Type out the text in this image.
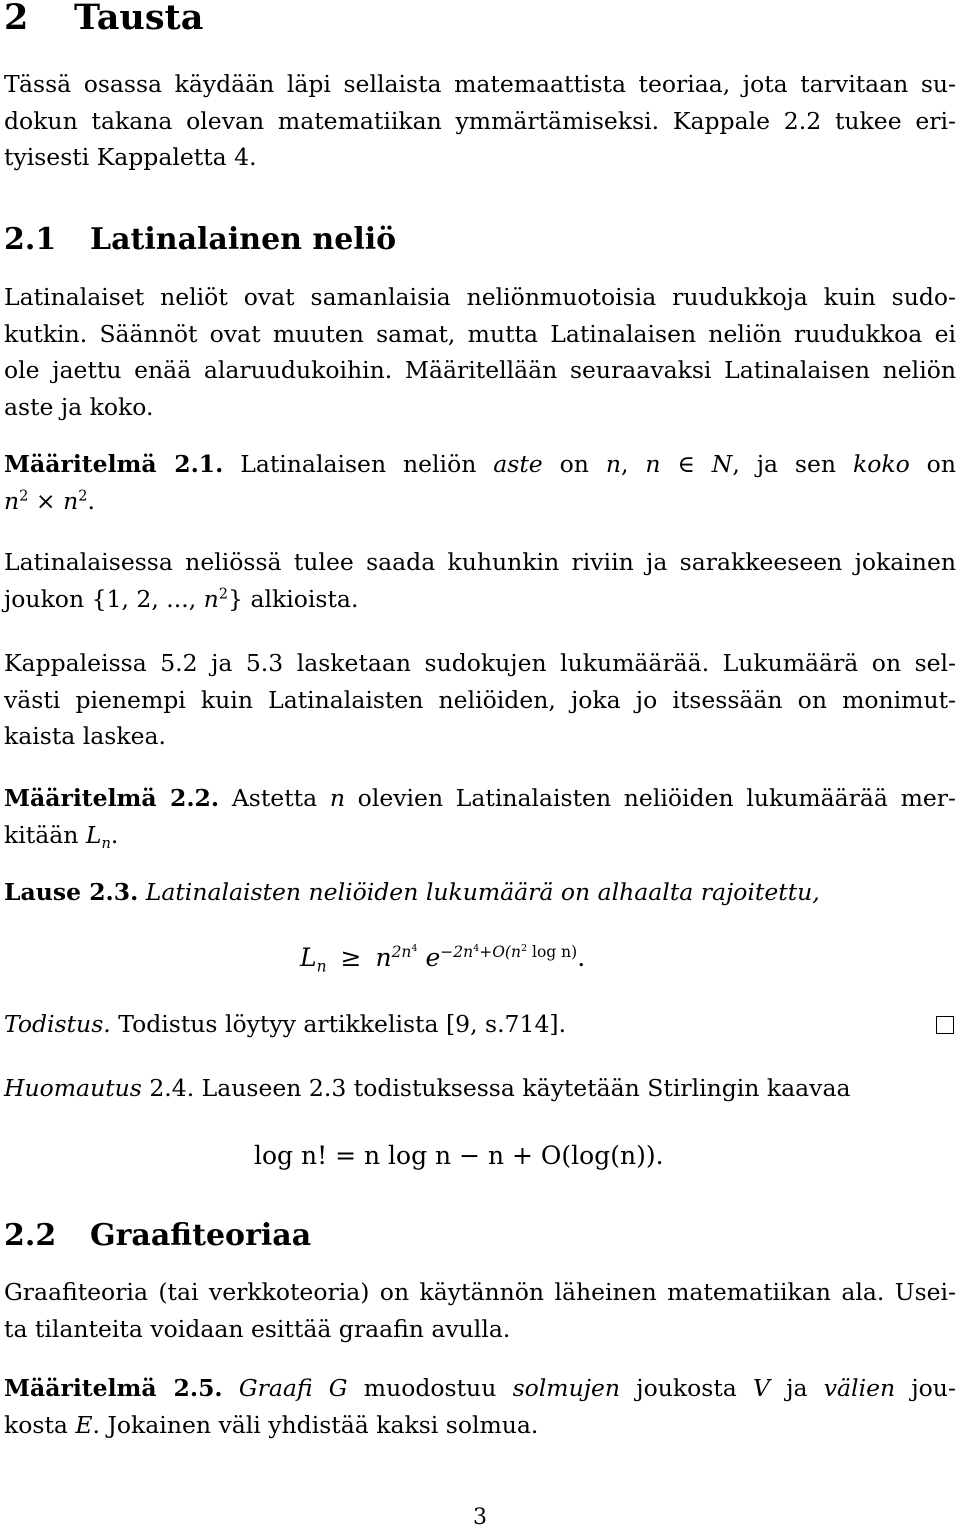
2 Tausta
Tässä osassa käydään läpi sellaista matemaattista teoriaa, jota tarvitaan su-
dokun takana olevan matematiikan ymmärtämiseksi. Kappale 2.2 tukee eri-
tyisesti Kappaletta 4.
2.1 Latinalainen neliö
Latinalaiset neliöt ovat samanlaisia neliönmuotoisia ruudukkoja kuin sudo-
kutkin. Säännöt ovat muuten samat, mutta Latinalaisen neliön ruudukkoa ei
ole jaettu enää alaruudukoihin. Määritellään seuraavaksi Latinalaisen neliön
aste ja koko.
Määritelmä 2.1. Latinalaisen neliön aste on n, n ∈ N, ja sen koko on
$n^2 \times n^2$.
Latinalaisessa neliössä tulee saada kuhunkin riviin ja sarakkeeseen jokainen
joukon {1, 2, ..., $n^2$} alkioista.
Kappaleissa 5.2 ja 5.3 lasketaan sudokujen lukumäärää. Lukumäärä on sel-
västi pienempi kuin Latinalaisten neliöiden, joka jo itsessään on monimut-
kaista laskea.
Määritelmä 2.2. Astetta n olevien Latinalaisten neliöiden lukumäärää mer-
kitään $L_n$.
Lause 2.3. Latinalaisten neliöiden lukumäärä on alhaalta rajoitettu,
$L_n \ge n^{2n^4}$ $e^{-2n^4+O(n^2 log n)}$.
Todistus. Todistus löytyy artikkelista [9, s.714].
Huomautus 2.4. Lauseen 2.3 todistuksessa käytetään Stirlingin kaavaa
log n! = n log n − n + O(log(n)).
2.2 Graafiteoriaa
Graafiteoria (tai verkkoteoria) on käytännön läheinen matematiikan ala. Usei-
ta tilanteita voidaan esittää graafin avulla.
Määritelmä 2.5. Graafi G muodostuu solmujen joukosta V ja välien jou-
kosta E. Jokainen väli yhdistää kaksi solmua.
3
